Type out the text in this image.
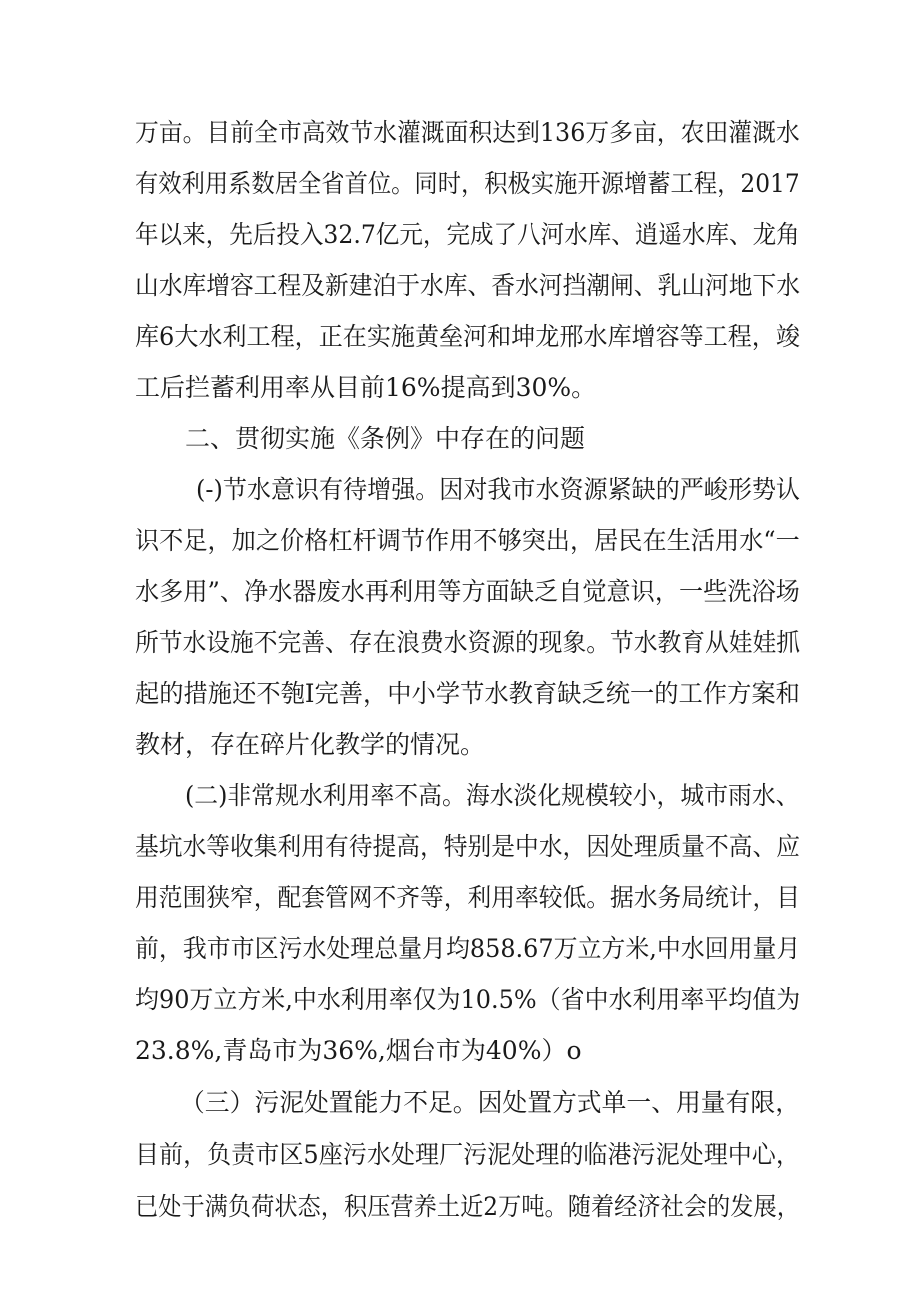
万亩。目前全市高效节水灌溉面积达到136万多亩，农田灌溉水
有效利用系数居全省首位。同时，积极实施开源增蓄工程，2017
年以来，先后投入32.7亿元，完成了八河水库、逍遥水库、龙角
山水库增容工程及新建泊于水库、香水河挡潮闸、乳山河地下水
库6大水利工程，正在实施黄垒河和坤龙邢水库增容等工程，竣
工后拦蓄利用率从目前16%提高到30%。
二、贯彻实施《条例》中存在的问题
(-)节水意识有待增强。因对我市水资源紧缺的严峻形势认
识不足，加之价格杠杆调节作用不够突出，居民在生活用水“一
水多用”、净水器废水再利用等方面缺乏自觉意识，一些洗浴场
所节水设施不完善、存在浪费水资源的现象。节水教育从娃娃抓
起的措施还不匏I完善，中小学节水教育缺乏统一的工作方案和
教材，存在碎片化教学的情况。
(二)非常规水利用率不高。海水淡化规模较小，城市雨水、
基坑水等收集利用有待提高，特别是中水，因处理质量不高、应
用范围狭窄，配套管网不齐等，利用率较低。据水务局统计，目
前，我市市区污水处理总量月均858.67万立方米,中水回用量月
均90万立方米,中水利用率仅为10.5%（省中水利用率平均值为
23.8%,青岛市为36%,烟台市为40%）o
（三）污泥处置能力不足。因处置方式单一、用量有限，
目前，负责市区5座污水处理厂污泥处理的临港污泥处理中心，
已处于满负荷状态，积压营养土近2万吨。随着经济社会的发展，
